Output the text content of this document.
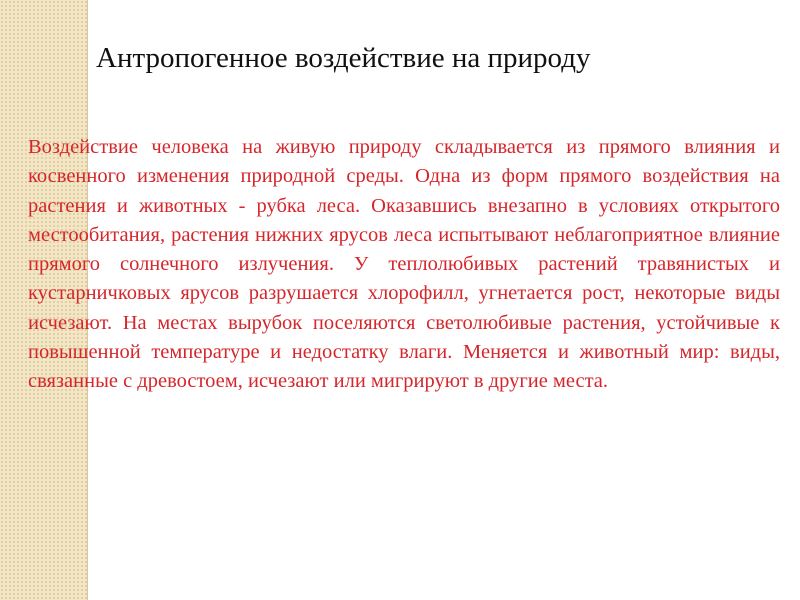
Антропогенное воздействие на природу

Воздействие человека на живую природу складывается из прямого влияния и косвенного изменения природной среды. Одна из форм прямого воздействия на растения и животных - рубка леса. Оказавшись внезапно в условиях открытого местообитания, растения нижних ярусов леса испытывают неблагоприятное влияние прямого солнечного излучения. У теплолюбивых растений травянистых и кустарничковых ярусов разрушается хлорофилл, угнетается рост, некоторые виды исчезают. На местах вырубок поселяются светолюбивые растения, устойчивые к повышенной температуре и недостатку влаги. Меняется и животный мир: виды, связанные с древостоем, исчезают или мигрируют в другие места.
